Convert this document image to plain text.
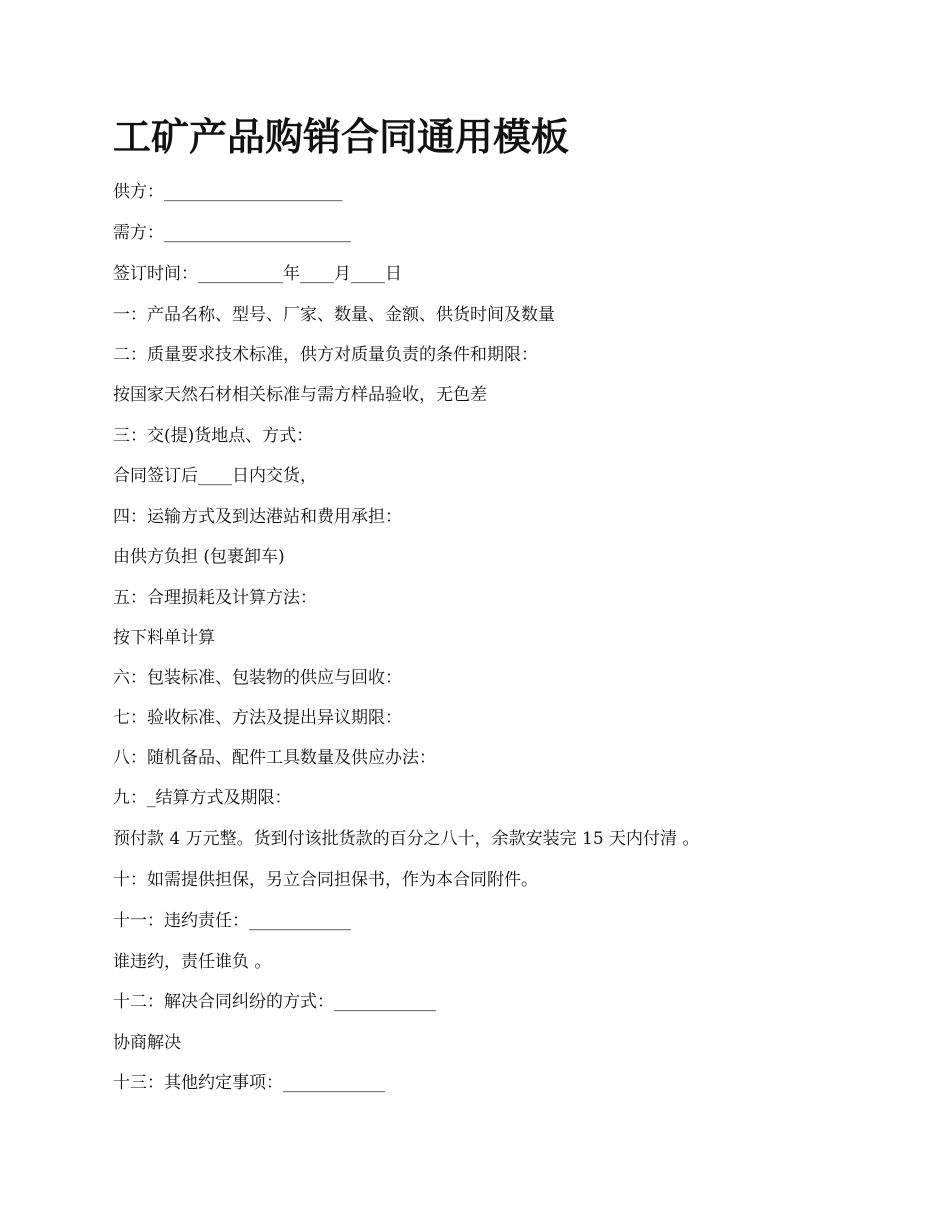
工矿产品购销合同通用模板

供方：_____________________

需方：______________________

签订时间：__________年____月____日

一：产品名称、型号、厂家、数量、金额、供货时间及数量

二：质量要求技术标准，供方对质量负责的条件和期限：

按国家天然石材相关标准与需方样品验收，无色差

三：交(提)货地点、方式：

合同签订后____日内交货，

四：运输方式及到达港站和费用承担：

由供方负担 (包裹卸车)

五：合理损耗及计算方法：

按下料单计算

六：包装标准、包装物的供应与回收：

七：验收标准、方法及提出异议期限：

八：随机备品、配件工具数量及供应办法：

九：_结算方式及期限：

预付款 4 万元整。货到付该批货款的百分之八十，余款安装完 15 天内付清 。

十：如需提供担保，另立合同担保书，作为本合同附件。

十一：违约责任：____________

谁违约，责任谁负 。

十二：解决合同纠纷的方式：____________

协商解决

十三：其他约定事项：____________
